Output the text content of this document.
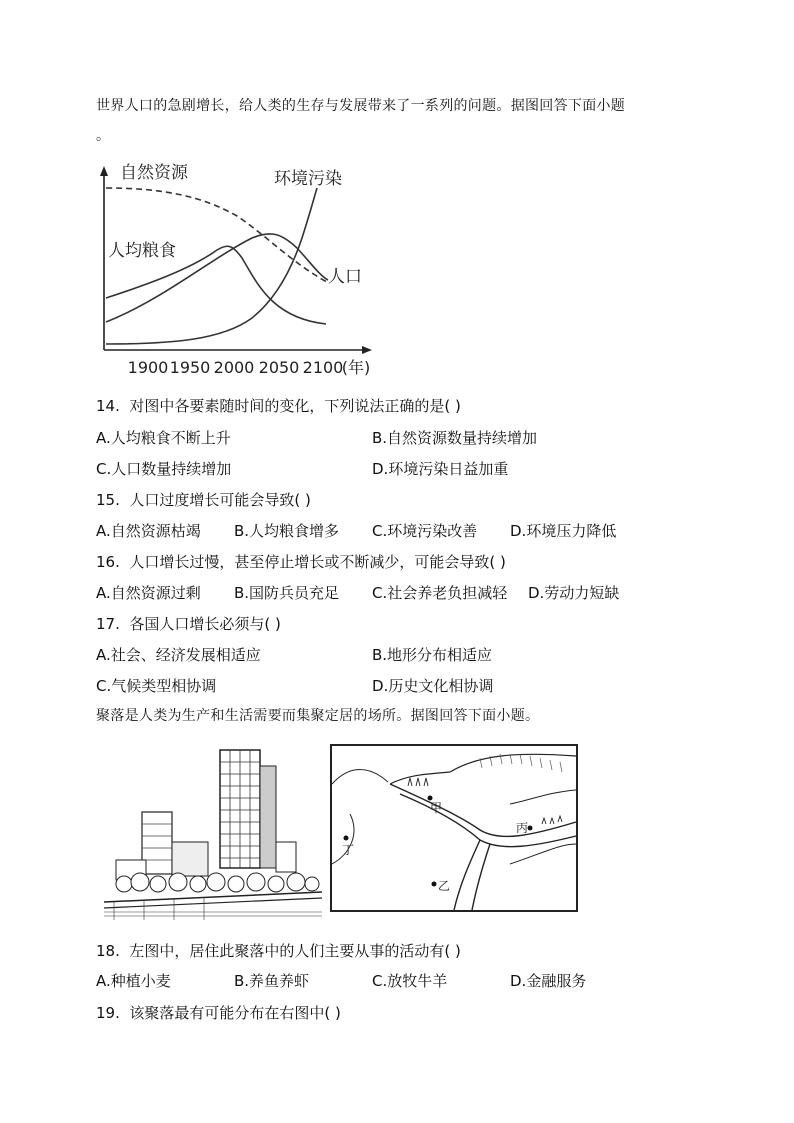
世界人口的急剧增长，给人类的生存与发展带来了一系列的问题。据图回答下面小题
。
自然资源	环境污染
人均粮食
人口
1900 1950 2000 2050 2100
(年)
14. 对图中各要素随时间的变化，下列说法正确的是( )
A.人均粮食不断上升	B.自然资源数量持续增加
C.人口数量持续增加	D.环境污染日益加重
15. 人口过度增长可能会导致( )
A.自然资源枯竭 B.人均粮食增多 C.环境污染改善 D.环境压力降低
16. 人口增长过慢，甚至停止增长或不断减少，可能会导致( )
A.自然资源过剩 B.国防兵员充足 C.社会养老负担减轻 D.劳动力短缺
17. 各国人口增长必须与( )
A.社会、经济发展相适应	B.地形分布相适应
C.气候类型相协调	D.历史文化相协调
聚落是人类为生产和生活需要而集聚定居的场所。据图回答下面小题。
甲
丙
丁
乙
18. 左图中，居住此聚落中的人们主要从事的活动有( )
A.种植小麦	B.养鱼养虾	C.放牧牛羊	D.金融服务
19. 该聚落最有可能分布在右图中( )
